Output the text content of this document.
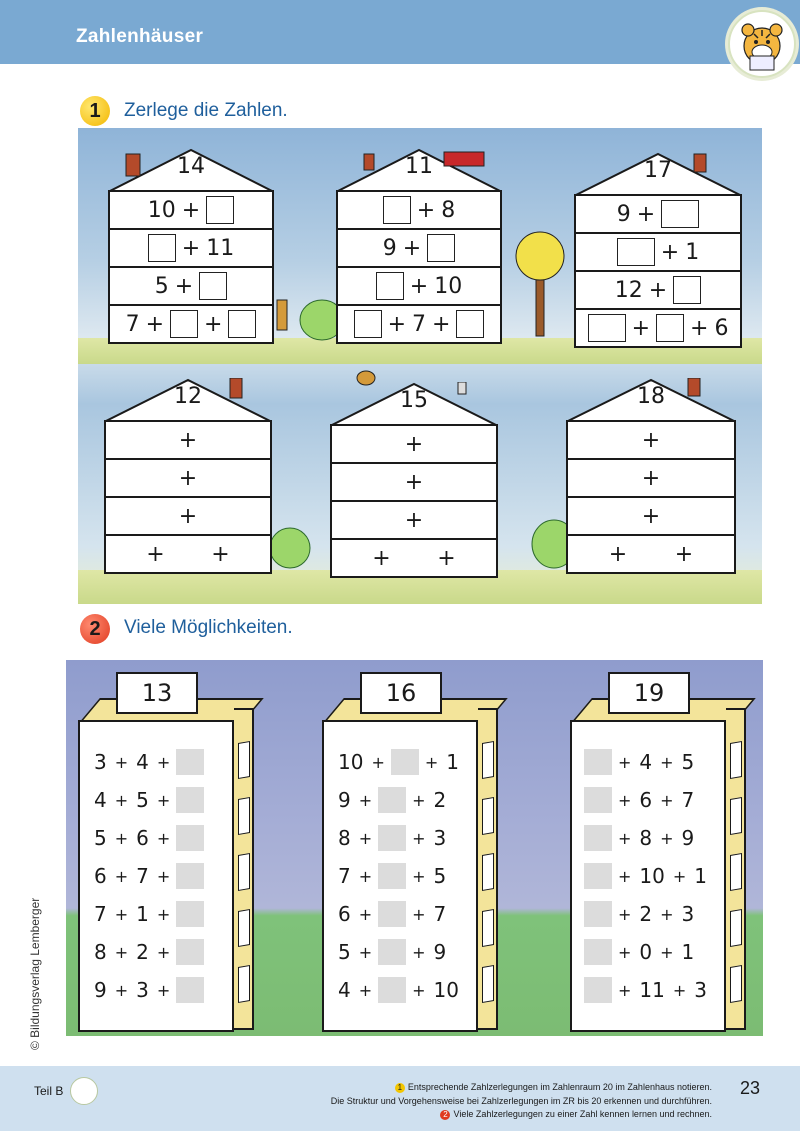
Zahlenhäuser
1	Zerlege die Zahlen.
14
10 +
+ 11
5 +
7 + +
11
+ 8
9 +
+ 10
+ 7 +
17
9 +
+ 1
12 +
+ + 6
12
+
+
+
+ +
15
+
+
+
+ +
18
+
+
+
+ +
2	Viele Möglichkeiten.
3 + 4 +
4 + 5 +
5 + 6 +
6 + 7 +
7 + 1 +
8 + 2 +
9 + 3 +
13
10 +	+ 1
9 +	+ 2
8 +	+ 3
7 +	+ 5
6 +	+ 7
5 +	+ 9
4 +	+ 10
16
+ 4 + 5
+ 6 + 7
+ 8 + 9
+ 10 + 1
+ 2 + 3
+ 0 + 1
+ 11 + 3
19
© Bildungsverlag Lemberger
Teil B	1 Entsprechende Zahlzerlegungen im Zahlenraum 20 im Zahlenhaus notieren.
Die Struktur und Vorgehensweise bei Zahlzerlegungen im ZR bis 20 erkennen und durchführen.
2 Viele Zahlzerlegungen zu einer Zahl kennen lernen und rechnen.
23
